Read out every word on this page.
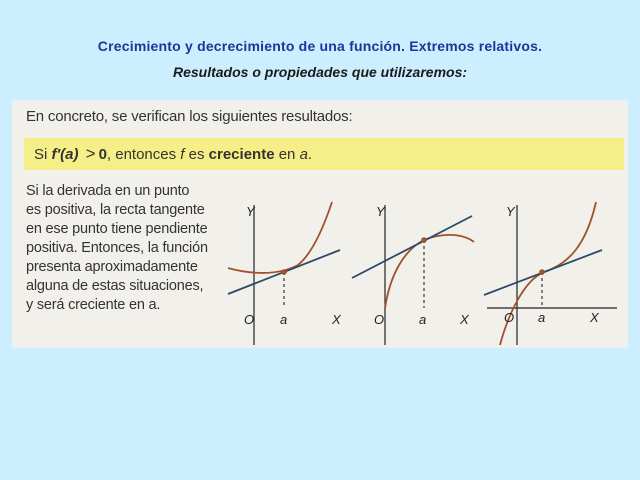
Crecimiento y decrecimiento de una función. Extremos relativos.
Resultados o propiedades que utilizaremos:
En concreto, se verifican los siguientes resultados:
Si f′(a) > 0, entonces f es creciente en a.
Si la derivada en un punto
es positiva, la recta tangente
en ese punto tiene pendiente
positiva. Entonces, la función
presenta aproximadamente
alguna de estas situaciones,
y será creciente en a.
Y
O a	X
Y
O	a	X
Y
O a	X
